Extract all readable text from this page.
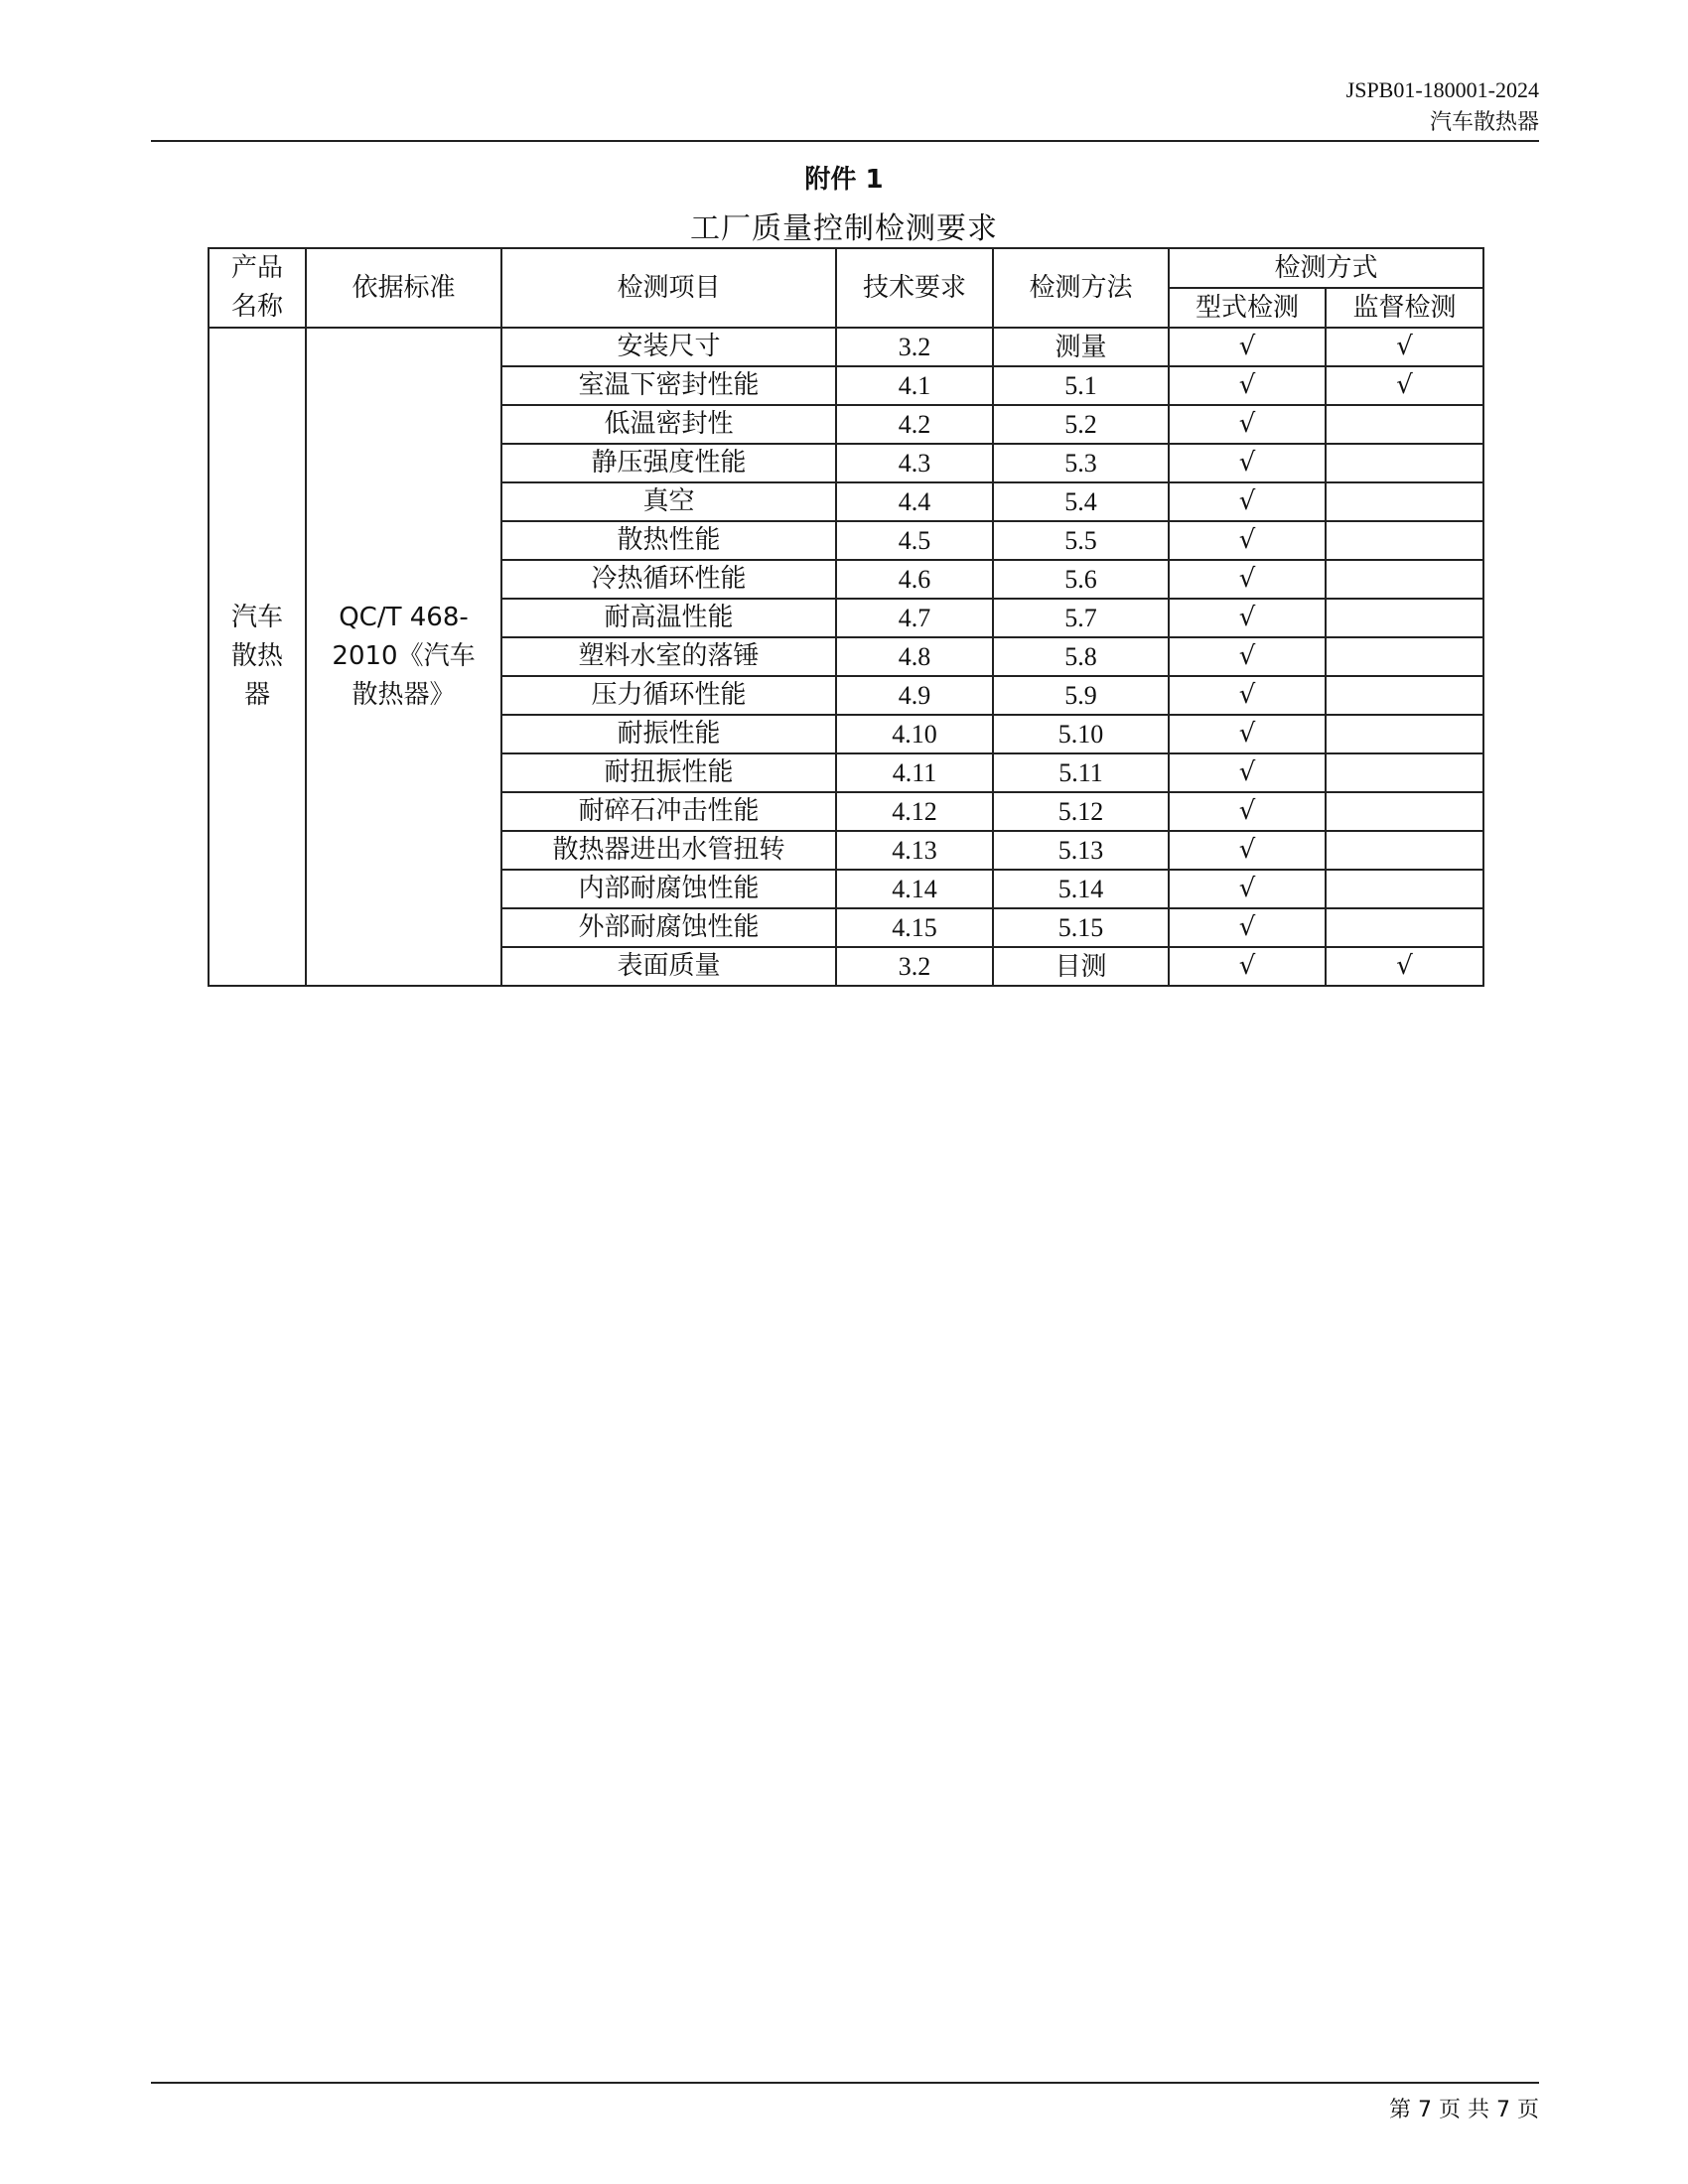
JSPB01-180001-2024
汽车散热器
附件 1
工厂质量控制检测要求
产品名称	依据标准	检测项目	技术要求	检测方法	检测方式	
					型式检测	监督检测
汽车散热器	QC/T 468-2010《汽车散热器》	安装尺寸	3.2	测量	√	√
		室温下密封性能	4.1	5.1	√	√
		低温密封性	4.2	5.2	√	
		静压强度性能	4.3	5.3	√	
		真空	4.4	5.4	√	
		散热性能	4.5	5.5	√	
		冷热循环性能	4.6	5.6	√	
		耐高温性能	4.7	5.7	√	
		塑料水室的落锤	4.8	5.8	√	
		压力循环性能	4.9	5.9	√	
		耐振性能	4.10	5.10	√	
		耐扭振性能	4.11	5.11	√	
		耐碎石冲击性能	4.12	5.12	√	
		散热器进出水管扭转	4.13	5.13	√	
		内部耐腐蚀性能	4.14	5.14	√	
		外部耐腐蚀性能	4.15	5.15	√	
		表面质量	3.2	目测	√	√
第 7 页 共 7 页
